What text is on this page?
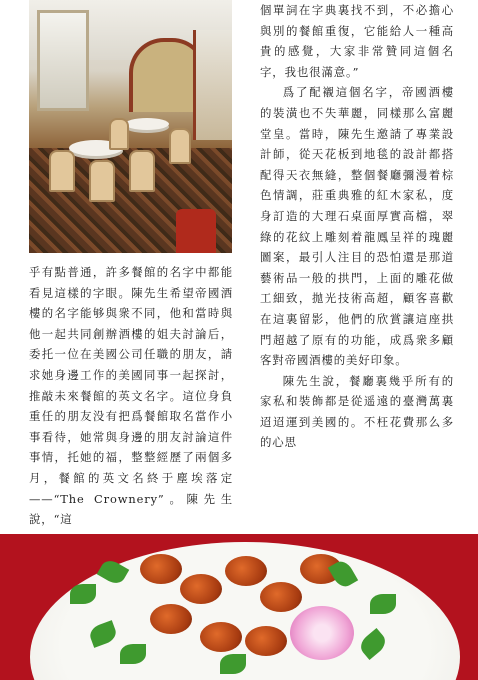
乎有點普通，許多餐館的名字中都能看見這樣的字眼。陳先生希望帝國酒樓的名字能够與衆不同，他和當時與他一起共同創辦酒樓的姐夫討論后，委托一位在美國公司任職的朋友，請求她身邊工作的美國同事一起探討，推敲未來餐館的英文名字。這位身負重任的朋友没有把爲餐館取名當作小事看待，她常與身邊的朋友討論這件事情，托她的福，整整經歷了兩個多月，餐館的英文名終于塵埃落定——“The Crownery”。陳先生說，“這

個單詞在字典裏找不到，不必擔心與別的餐館重復，它能給人一種高貴的感覺，大家非常贊同這個名字，我也很滿意。”

爲了配襯這個名字，帝國酒樓的裝潢也不失華麗，同樣那么富麗堂皇。當時，陳先生邀請了專業設計師，從天花板到地毯的設計都搭配得天衣無縫，整個餐廳彌漫着棕色情調，莊重典雅的紅木家私，度身訂造的大理石桌面厚實高檔，翠綠的花紋上雕刻着龍鳳呈祥的瑰麗圖案，最引人注目的恐怕還是那道藝術品一般的拱門，上面的雕花做工細致，拋光技術高超，顧客喜歡在這裏留影，他們的欣賞讓這座拱門超越了原有的功能，成爲衆多顧客對帝國酒樓的美好印象。

陳先生說，餐廳裏幾乎所有的家私和裝飾都是從遥遠的臺灣萬裏迢迢運到美國的。不枉花費那么多的心思
